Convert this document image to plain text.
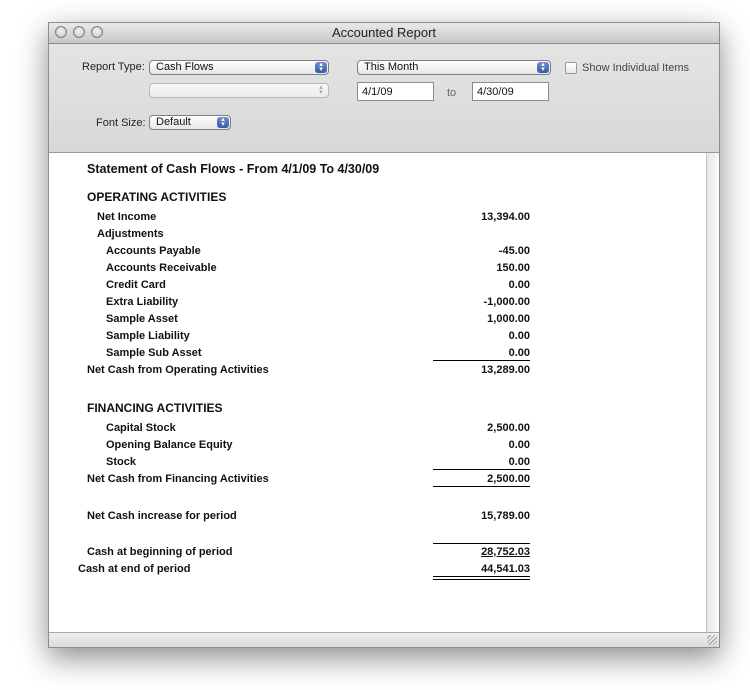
Accounted Report
Report Type:	Cash Flows	▴
▾
▴
▾
This Month	▴
▾
4/1/09	to	4/30/09
Show Individual Items
Font Size: Default	▴
▾
Statement of Cash Flows - From 4/1/09 To 4/30/09
OPERATING ACTIVITIES
Net Income	13,394.00
Adjustments
Accounts Payable	-45.00
Accounts Receivable	150.00
Credit Card	0.00
Extra Liability	-1,000.00
Sample Asset	1,000.00
Sample Liability	0.00
Sample Sub Asset	0.00
Net Cash from Operating Activities	13,289.00
FINANCING ACTIVITIES
Capital Stock	2,500.00
Opening Balance Equity	0.00
Stock	0.00
Net Cash from Financing Activities	2,500.00
Net Cash increase for period	15,789.00
Cash at beginning of period	28,752.03
Cash at end of period	44,541.03
